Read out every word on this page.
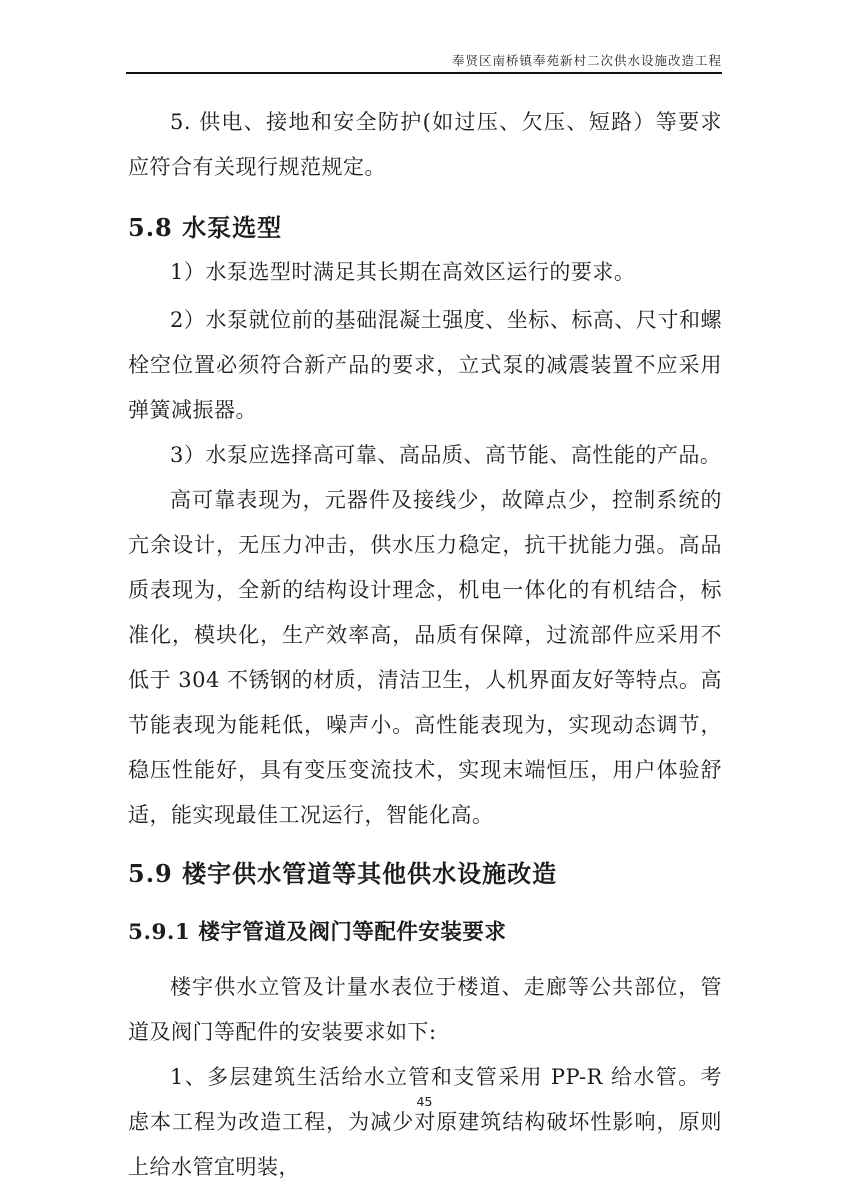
奉贤区南桥镇奉苑新村二次供水设施改造工程

5. 供电、接地和安全防护(如过压、欠压、短路）等要求应符合有关现行规范规定。

5.8 水泵选型

1）水泵选型时满足其长期在高效区运行的要求。

2）水泵就位前的基础混凝土强度、坐标、标高、尺寸和螺栓空位置必须符合新产品的要求，立式泵的减震装置不应采用弹簧减振器。

3）水泵应选择高可靠、高品质、高节能、高性能的产品。

高可靠表现为，元器件及接线少，故障点少，控制系统的亢余设计，无压力冲击，供水压力稳定，抗干扰能力强。高品质表现为，全新的结构设计理念，机电一体化的有机结合，标准化，模块化，生产效率高，品质有保障，过流部件应采用不低于 304 不锈钢的材质，清洁卫生，人机界面友好等特点。高节能表现为能耗低，噪声小。高性能表现为，实现动态调节，稳压性能好，具有变压变流技术，实现末端恒压，用户体验舒适，能实现最佳工况运行，智能化高。

5.9 楼宇供水管道等其他供水设施改造
5.9.1 楼宇管道及阀门等配件安装要求

楼宇供水立管及计量水表位于楼道、走廊等公共部位，管道及阀门等配件的安装要求如下:

1、多层建筑生活给水立管和支管采用 PP-R 给水管。考虑本工程为改造工程，为减少对原建筑结构破坏性影响，原则上给水管宜明装，

45
